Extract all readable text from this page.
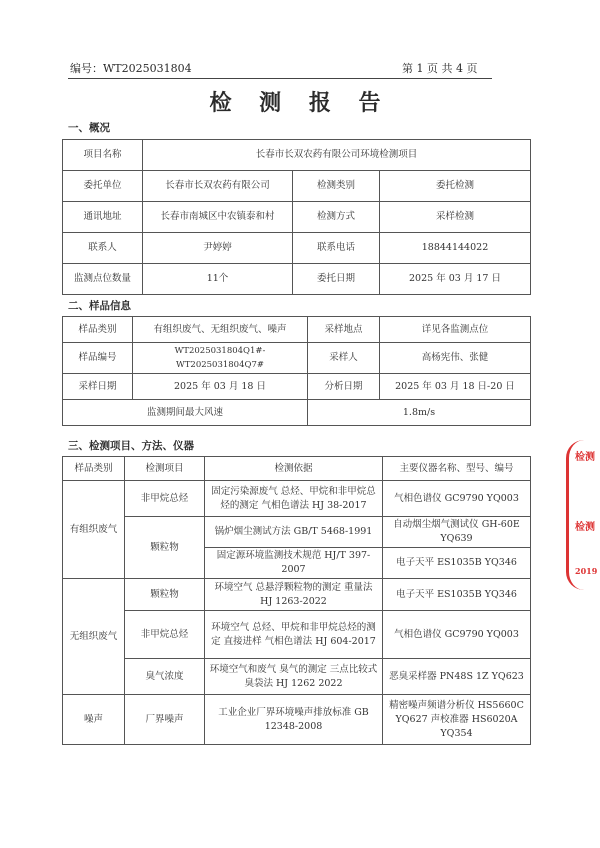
编号：WT2025031804	第 1 页 共 4 页
检 测 报 告
一、概况
项目名称	长春市长双农药有限公司环境检测项目		
委托单位	长春市长双农药有限公司	检测类别	委托检测
通讯地址	长春市南城区中农镇泰和村	检测方式	采样检测
联系人	尹婷婷	联系电话	18844144022
监测点位数量	11个	委托日期	2025 年 03 月 17 日
二、样品信息
样品类别	有组织废气、无组织废气、噪声	采样地点	详见各监测点位
样品编号	WT2025031804Q1#-WT2025031804Q7#	采样人	高杨宪伟、张健
采样日期	2025 年 03 月 18 日	分析日期	2025 年 03 月 18 日-20 日
监测期间最大风速		1.8m/s	
三、检测项目、方法、仪器
样品类别	检测项目	检测依据	主要仪器名称、型号、编号
有组织废气	非甲烷总烃	固定污染源废气 总烃、甲烷和非甲烷总烃的测定 气相色谱法 HJ 38-2017	气相色谱仪 GC9790 YQ003
	颗粒物	锅炉烟尘测试方法 GB/T 5468-1991	自动烟尘烟气测试仪 GH-60E YQ639
		固定源环境监测技术规范 HJ/T 397-2007	电子天平 ES1035B YQ346
无组织废气	颗粒物	环境空气 总悬浮颗粒物的测定 重量法 HJ 1263-2022	电子天平 ES1035B YQ346
	非甲烷总烃	环境空气 总烃、甲烷和非甲烷总烃的测定 直接进样 气相色谱法 HJ 604-2017	气相色谱仪 GC9790 YQ003
	臭气浓度	环境空气和废气 臭气的测定 三点比较式臭袋法 HJ 1262 2022	恶臭采样器 PN48S 1Z YQ623
噪声	厂界噪声	工业企业厂界环境噪声排放标准 GB 12348-2008	精密噪声频谱分析仪 HS5660C YQ627 声校准器 HS6020A YQ354
检测
检测
2019
